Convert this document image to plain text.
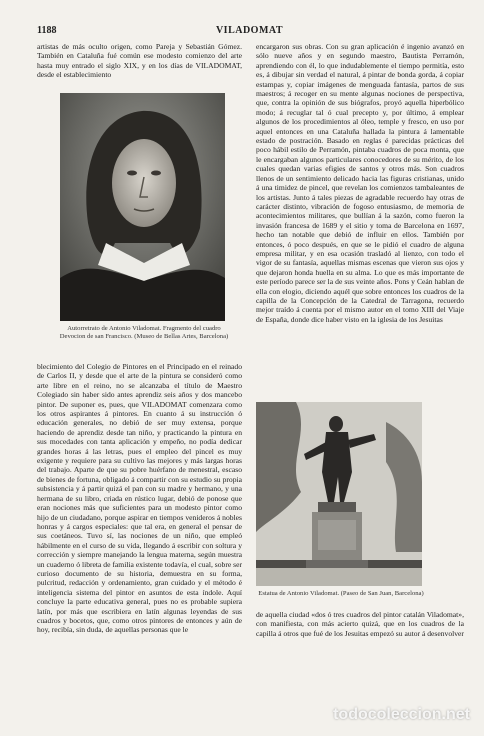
1188	VILADOMAT

artistas de más oculto origen, como Pareja y Sebastián Gómez. También en Cataluña fué común ese modesto comienzo del arte hasta muy entrado el siglo XIX, y en los días de VILADOMAT, desde el establecimiento

Autorretrato de Antonio Viladomat. Fragmento del cuadro Devocion de san Francisco. (Museo de Bellas Artes, Barcelona)

blecimiento del Colegio de Pintores en el Principado en el reinado de Carlos II, y desde que el arte de la pintura se consideró como arte libre en el reino, no se alcanzaba el título de Maestro Colegiado sin haber sido antes aprendiz seis años y dos mancebo pintor. De suponer es, pues, que VILADOMAT comenzara como los otros aspirantes á pintores. En cuanto á su instrucción ó educación generales, no debió de ser muy extensa, porque haciendo de aprendiz desde tan niño, y practicando la pintura en sus mocedades con tanta aplicación y empeño, no podía dedicar grandes horas á las letras, pues el empleo del pincel es muy exigente y requiere para su cultivo las mejores y más largas horas del trabajo. Aparte de que su pobre huérfano de menestral, escaso de bienes de fortuna, obligado á compartir con su estudio su propia subsistencia y á partir quizá el pan con su madre y hermano, y una hermana de su libro, criada en rústico lugar, debió de ponose que eran nociones más que suficientes para un modesto pintor como hijo de un ciudadano, porque aspirar en tiempos venideros á nobles honras y á cargos especiales: que tal era, en general el pensar de sus coetáneos. Tuvo sí, las nociones de un niño, que empleó hábilmente en el curso de su vida, llegando á escribir con soltura y corrección y siempre manejando la lengua materna, según muestra un cuaderno ó libreta de familia existente todavía, el cual, sobre ser curioso documento de su historia, demuestra en su forma, pulcritud, redacción y ordenamiento, gran cuidado y el método é inteligencia sistema del pintor en asuntos de esta índole. Aquí concluye la parte educativa general, pues no es probable supiera latín, por más que escribiera en latín algunas leyendas de sus cuadros y bocetos, que, como otros pintores de entonces y aún de hoy, recibía, sin duda, de aquellas personas que le

encargaron sus obras. Con su gran aplicación é ingenio avanzó en sólo nueve años y en segundo maestro, Bautista Perramón, aprendiendo con él, lo que indudablemente el tiempo permitía, esto es, á dibujar sin verdad el natural, á pintar de bonda gorda, á copiar estampas y, copiar imágenes de menguada fantasía, partos de sus maestros; á recoger en su mente algunas nociones de perspectiva, que, contra la opinión de sus biógrafos, proyó aquella hiperbólico modo; á recuglar tal ó cual precepto y, por último, á emplear algunos de los procedimientos al óleo, temple y fresco, en uso por aquel entonces en una Cataluña hallada la pintura á lamentable estado de postración. Basado en reglas é parecidas prácticas del poco hábil estilo de Perramón, pintaba cuadros de poca monta, que le encargaban algunos particulares conocedores de su mérito, de los cuales quedan varias efigies de santos y otros más. Son cuadros llenos de un sentimiento delicado hacia las figuras cristianas, unido á una timidez de pincel, que revelan los comienzos tambaleantes de los artistas. Junto á tales piezas de agradable recuerdo hay otras de carácter distinto, vibración de fogoso entusiasmo, de memoria de acontecimientos militares, que bullían á la sazón, como fueron la invasión francesa de 1689 y el sitio y toma de Barcelona en 1697, hecho tan notable que debió de influir en ellos. También por entonces, ó poco después, en que se le pidió el cuadro de alguna empresa militar, y en esa ocasión trasladó al lienzo, con todo el vigor de su fantasía, aquellas mismas escenas que vieron sus ojos y que dejaron honda huella en su alma. Lo que es más importante de este período parece ser la de sus veinte años. Pons y Ceán hablan de ella con elogio, diciendo aquél que sobre entonces los cuadros de la capilla de la Concepción de la Catedral de Tarragona, recuerdo mejor traído á cuenta por el mismo autor en el tomo XIII del Viaje de España, donde dice haber visto en la iglesia de los Jesuitas

Estatua de Antonio Viladomat. (Paseo de San Juan, Barcelona)

de aquella ciudad «dos ó tres cuadros del pintor catalán Viladomat», con manifiesta, con más acierto quizá, que en los cuadros de la capilla á otros que fué de los Jesuitas empezó su autor á desenvolver

todocoleccion.net
